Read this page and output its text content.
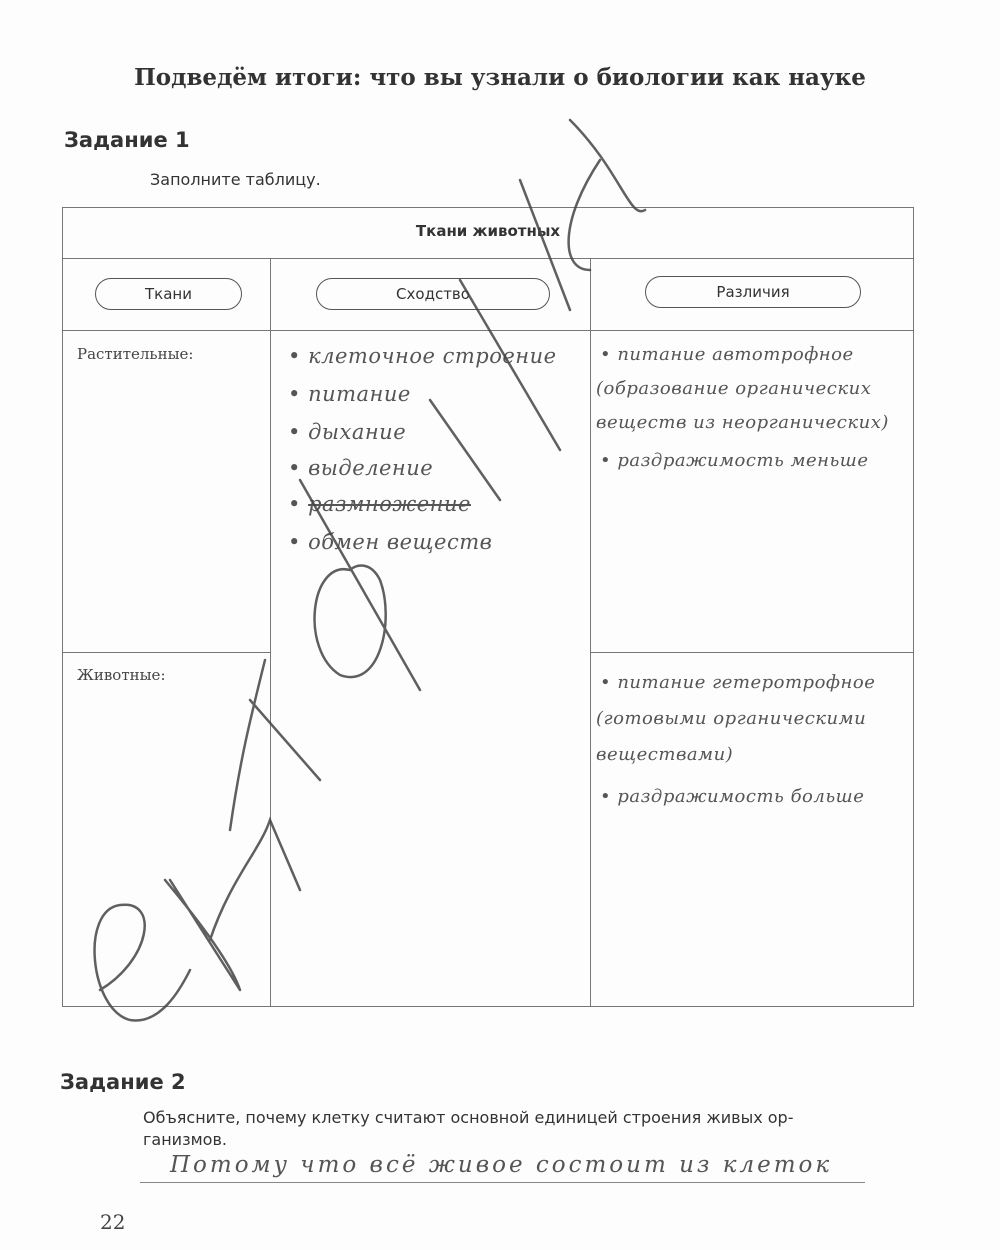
Подведём итоги: что вы узнали о биологии как науке
Задание 1
Заполните таблицу.
Ткани животных
Ткани	Сходство	Различия
Растительные:
Животные:
• клеточное строение
• питание
• дыхание
• выделение
• размножение
• обмен веществ
• питание автотрофное
(образование органических
веществ из неорганических)
• раздражимость меньше
• питание гетеротрофное
(готовыми органическими
веществами)
• раздражимость больше
Задание 2
Объясните, почему клетку считают основной единицей строения живых ор-
ганизмов.
Потому что всё живое состоит из клеток
22
